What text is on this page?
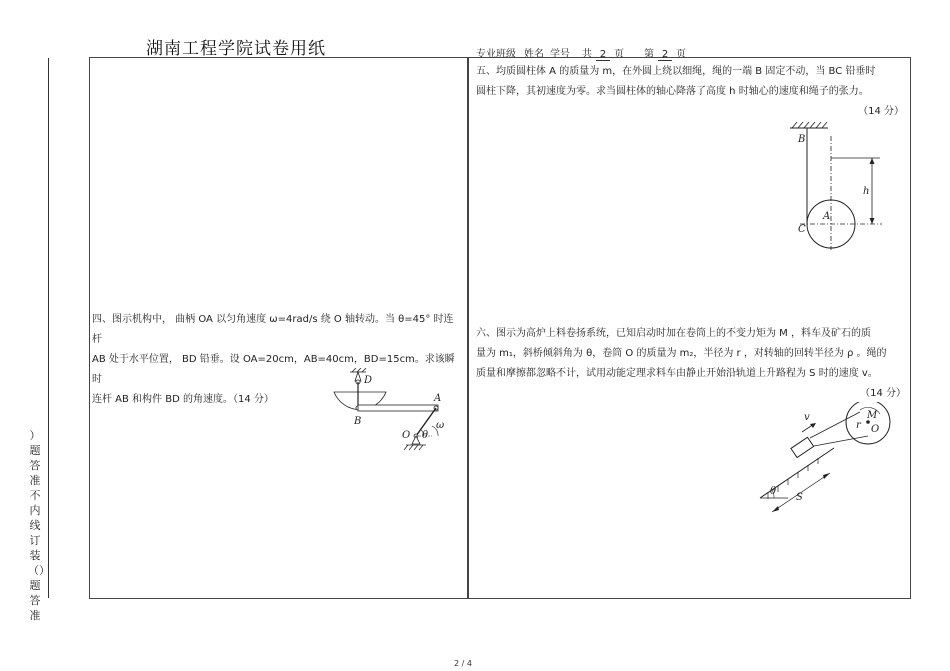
湖南工程学院试卷用纸	专业班级 姓名 学号 共 2 页 第 2 页
）题答准不内线订装（）题答准
五、均质圆柱体 A 的质量为 m，在外圆上绕以细绳，绳的一端 B 固定不动，当 BC 铅垂时
圆柱下降，其初速度为零。求当圆柱体的轴心降落了高度 h 时轴心的速度和绳子的张力。
（14 分）
B
A
C
h
四、图示机构中， 曲柄 OA 以匀角速度 ω=4rad/s 绕 O 轴转动。当 θ=45° 时连杆
AB 处于水平位置， BD 铅垂。设 OA=20cm，AB=40cm，BD=15cm。求该瞬时
连杆 AB 和构件 BD 的角速度。（14 分）
D
A
B
O θ
ω
六、图示为高炉上料卷扬系统，已知启动时加在卷筒上的不变力矩为 M ，料车及矿石的质
量为 m₁，斜桥倾斜角为 θ，卷筒 O 的质量为 m₂，半径为 r ，对转轴的回转半径为 ρ 。绳的
质量和摩擦都忽略不计，试用动能定理求料车由静止开始沿轨道上升路程为 S 时的速度 v。
（14 分）
v	M
r O
θ
S
2 / 4
